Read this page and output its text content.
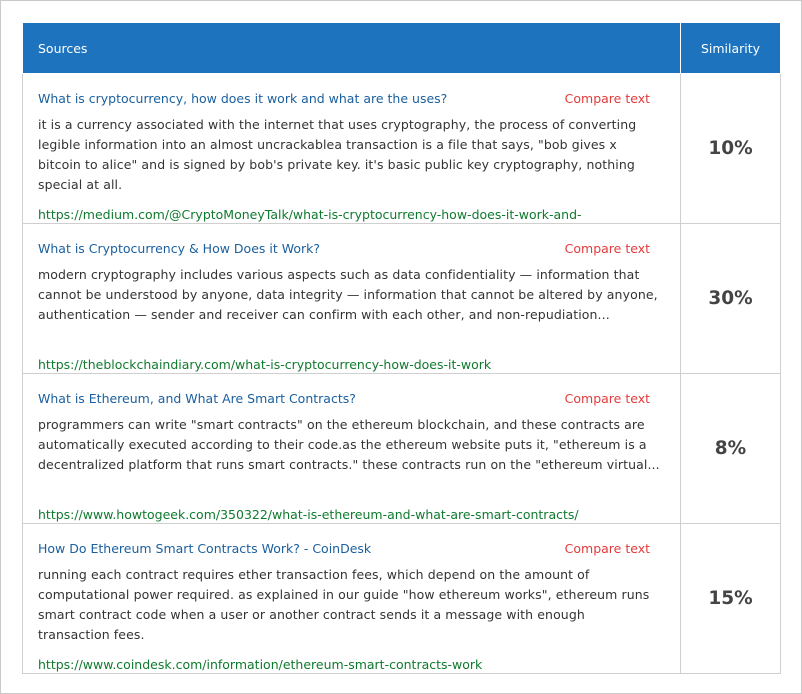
Sources	Similarity

What is cryptocurrency, how does it work and what are the uses? Compare text
it is a currency associated with the internet that uses cryptography, the process of converting legible information into an almost uncrackablea transaction is a file that says, "bob gives x bitcoin to alice" and is signed by bob's private key. it's basic public key cryptography, nothing special at all.
https://medium.com/@CryptoMoneyTalk/what-is-cryptocurrency-how-does-it-work-and-	10%

What is Cryptocurrency & How Does it Work? Compare text
modern cryptography includes various aspects such as data confidentiality — information that cannot be understood by anyone, data integrity — information that cannot be altered by anyone, authentication — sender and receiver can confirm with each other, and non-repudiation...
https://theblockchaindiary.com/what-is-cryptocurrency-how-does-it-work	30%

What is Ethereum, and What Are Smart Contracts? Compare text
programmers can write "smart contracts" on the ethereum blockchain, and these contracts are automatically executed according to their code.as the ethereum website puts it, "ethereum is a decentralized platform that runs smart contracts." these contracts run on the "ethereum virtual...
https://www.howtogeek.com/350322/what-is-ethereum-and-what-are-smart-contracts/	8%

How Do Ethereum Smart Contracts Work? - CoinDesk Compare text
running each contract requires ether transaction fees, which depend on the amount of computational power required. as explained in our guide "how ethereum works", ethereum runs smart contract code when a user or another contract sends it a message with enough transaction fees.
https://www.coindesk.com/information/ethereum-smart-contracts-work	15%
